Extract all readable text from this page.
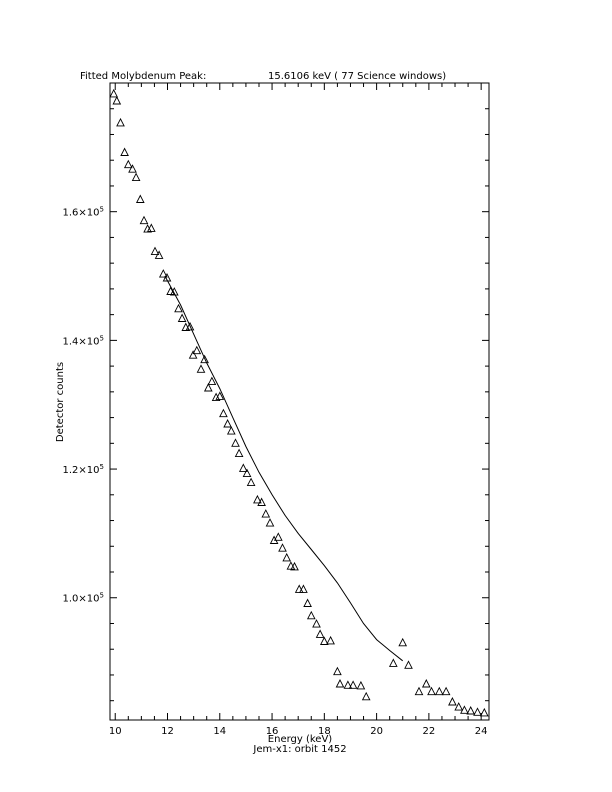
Fitted Molybdenum Peak:	15.6106 keV ( 77 Science windows)
Energy (keV)
Jem-x1: orbit 1452
Detector counts
10	12	14	16	18	20	22	24
$1.0\times 10^5$
$1.2\times 10^5$
$1.4\times 10^5$
$1.6\times 10^5$
